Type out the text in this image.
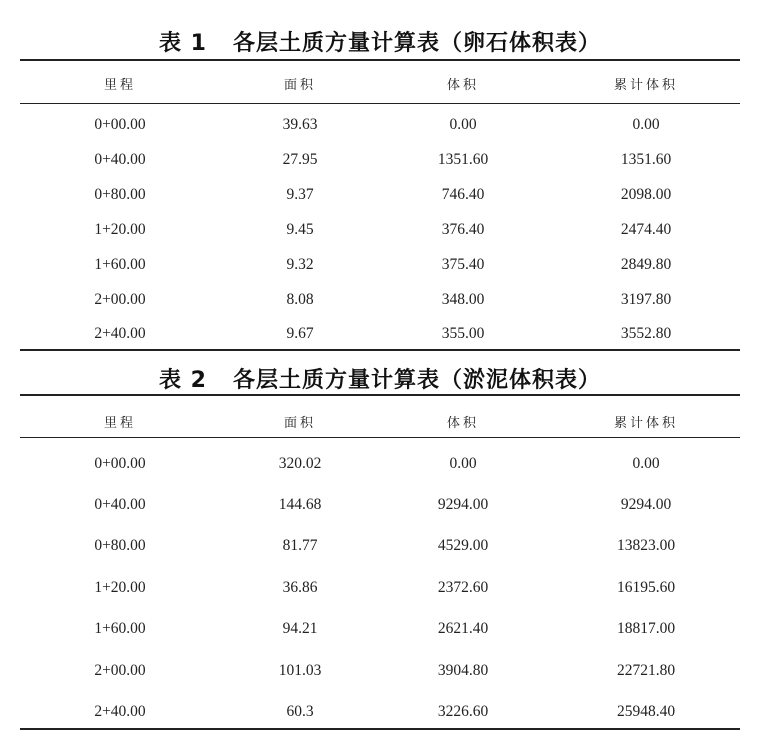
表 1 各层土质方量计算表（卵石体积表）
里程	面积	体积	累计体积
0+00.00	39.63	0.00	0.00
0+40.00	27.95	1351.60	1351.60
0+80.00	9.37	746.40	2098.00
1+20.00	9.45	376.40	2474.40
1+60.00	9.32	375.40	2849.80
2+00.00	8.08	348.00	3197.80
2+40.00	9.67	355.00	3552.80
表 2 各层土质方量计算表（淤泥体积表）
里程	面积	体积	累计体积
0+00.00	320.02	0.00	0.00
0+40.00	144.68	9294.00	9294.00
0+80.00	81.77	4529.00	13823.00
1+20.00	36.86	2372.60	16195.60
1+60.00	94.21	2621.40	18817.00
2+00.00	101.03	3904.80	22721.80
2+40.00	60.3	3226.60	25948.40
